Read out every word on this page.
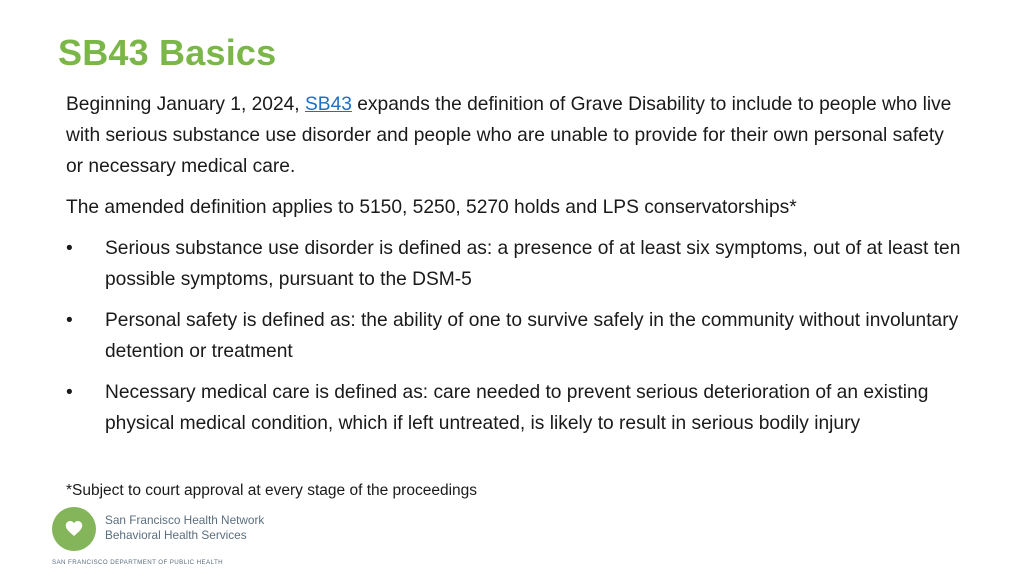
SB43 Basics

Beginning January 1, 2024, SB43 expands the definition of Grave Disability to include to people who live with serious substance use disorder and people who are unable to provide for their own personal safety or necessary medical care.

The amended definition applies to 5150, 5250, 5270 holds and LPS conservatorships*

• Serious substance use disorder is defined as: a presence of at least six symptoms, out of at least ten possible symptoms, pursuant to the DSM-5
• Personal safety is defined as: the ability of one to survive safely in the community without involuntary detention or treatment
• Necessary medical care is defined as: care needed to prevent serious deterioration of an existing physical medical condition, which if left untreated, is likely to result in serious bodily injury
*Subject to court approval at every stage of the proceedings
San Francisco Health Network
Behavioral Health Services
SAN FRANCISCO DEPARTMENT OF PUBLIC HEALTH
